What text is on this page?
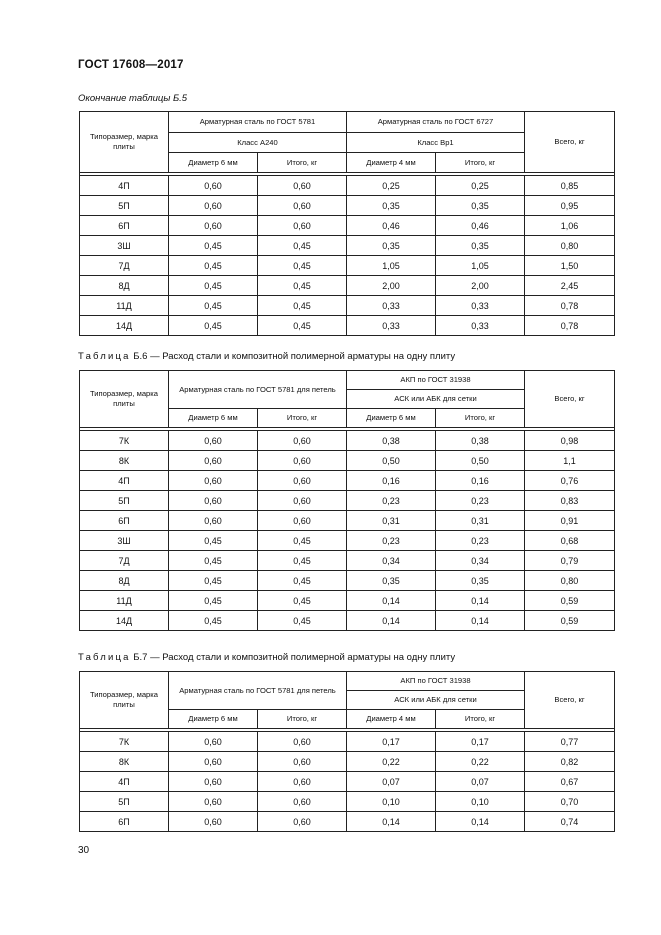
ГОСТ 17608—2017
Окончание таблицы Б.5
Типоразмер, марка плиты	Арматурная сталь по ГОСТ 5781		Арматурная сталь по ГОСТ 6727		Всего, кг
	Класс А240		Класс Вр1		
	Диаметр 6 мм	Итого, кг	Диаметр 4 мм	Итого, кг	

4П	0,60	0,60	0,25	0,25	0,85
5П	0,60	0,60	0,35	0,35	0,95
6П	0,60	0,60	0,46	0,46	1,06
3Ш	0,45	0,45	0,35	0,35	0,80
7Д	0,45	0,45	1,05	1,05	1,50
8Д	0,45	0,45	2,00	2,00	2,45
11Д	0,45	0,45	0,33	0,33	0,78
14Д	0,45	0,45	0,33	0,33	0,78
Таблица Б.6 — Расход стали и композитной полимерной арматуры на одну плиту
Типоразмер, марка плиты	Арматурная сталь по ГОСТ 5781 для петель		АКП по ГОСТ 31938		Всего, кг
			АСК или АБК для сетки		
	Диаметр 6 мм	Итого, кг	Диаметр 6 мм	Итого, кг	

7К	0,60	0,60	0,38	0,38	0,98
8К	0,60	0,60	0,50	0,50	1,1
4П	0,60	0,60	0,16	0,16	0,76
5П	0,60	0,60	0,23	0,23	0,83
6П	0,60	0,60	0,31	0,31	0,91
3Ш	0,45	0,45	0,23	0,23	0,68
7Д	0,45	0,45	0,34	0,34	0,79
8Д	0,45	0,45	0,35	0,35	0,80
11Д	0,45	0,45	0,14	0,14	0,59
14Д	0,45	0,45	0,14	0,14	0,59
Таблица Б.7 — Расход стали и композитной полимерной арматуры на одну плиту
Типоразмер, марка плиты	Арматурная сталь по ГОСТ 5781 для петель		АКП по ГОСТ 31938		Всего, кг
			АСК или АБК для сетки		
	Диаметр 6 мм	Итого, кг	Диаметр 4 мм	Итого, кг	

7К	0,60	0,60	0,17	0,17	0,77
8К	0,60	0,60	0,22	0,22	0,82
4П	0,60	0,60	0,07	0,07	0,67
5П	0,60	0,60	0,10	0,10	0,70
6П	0,60	0,60	0,14	0,14	0,74
30
